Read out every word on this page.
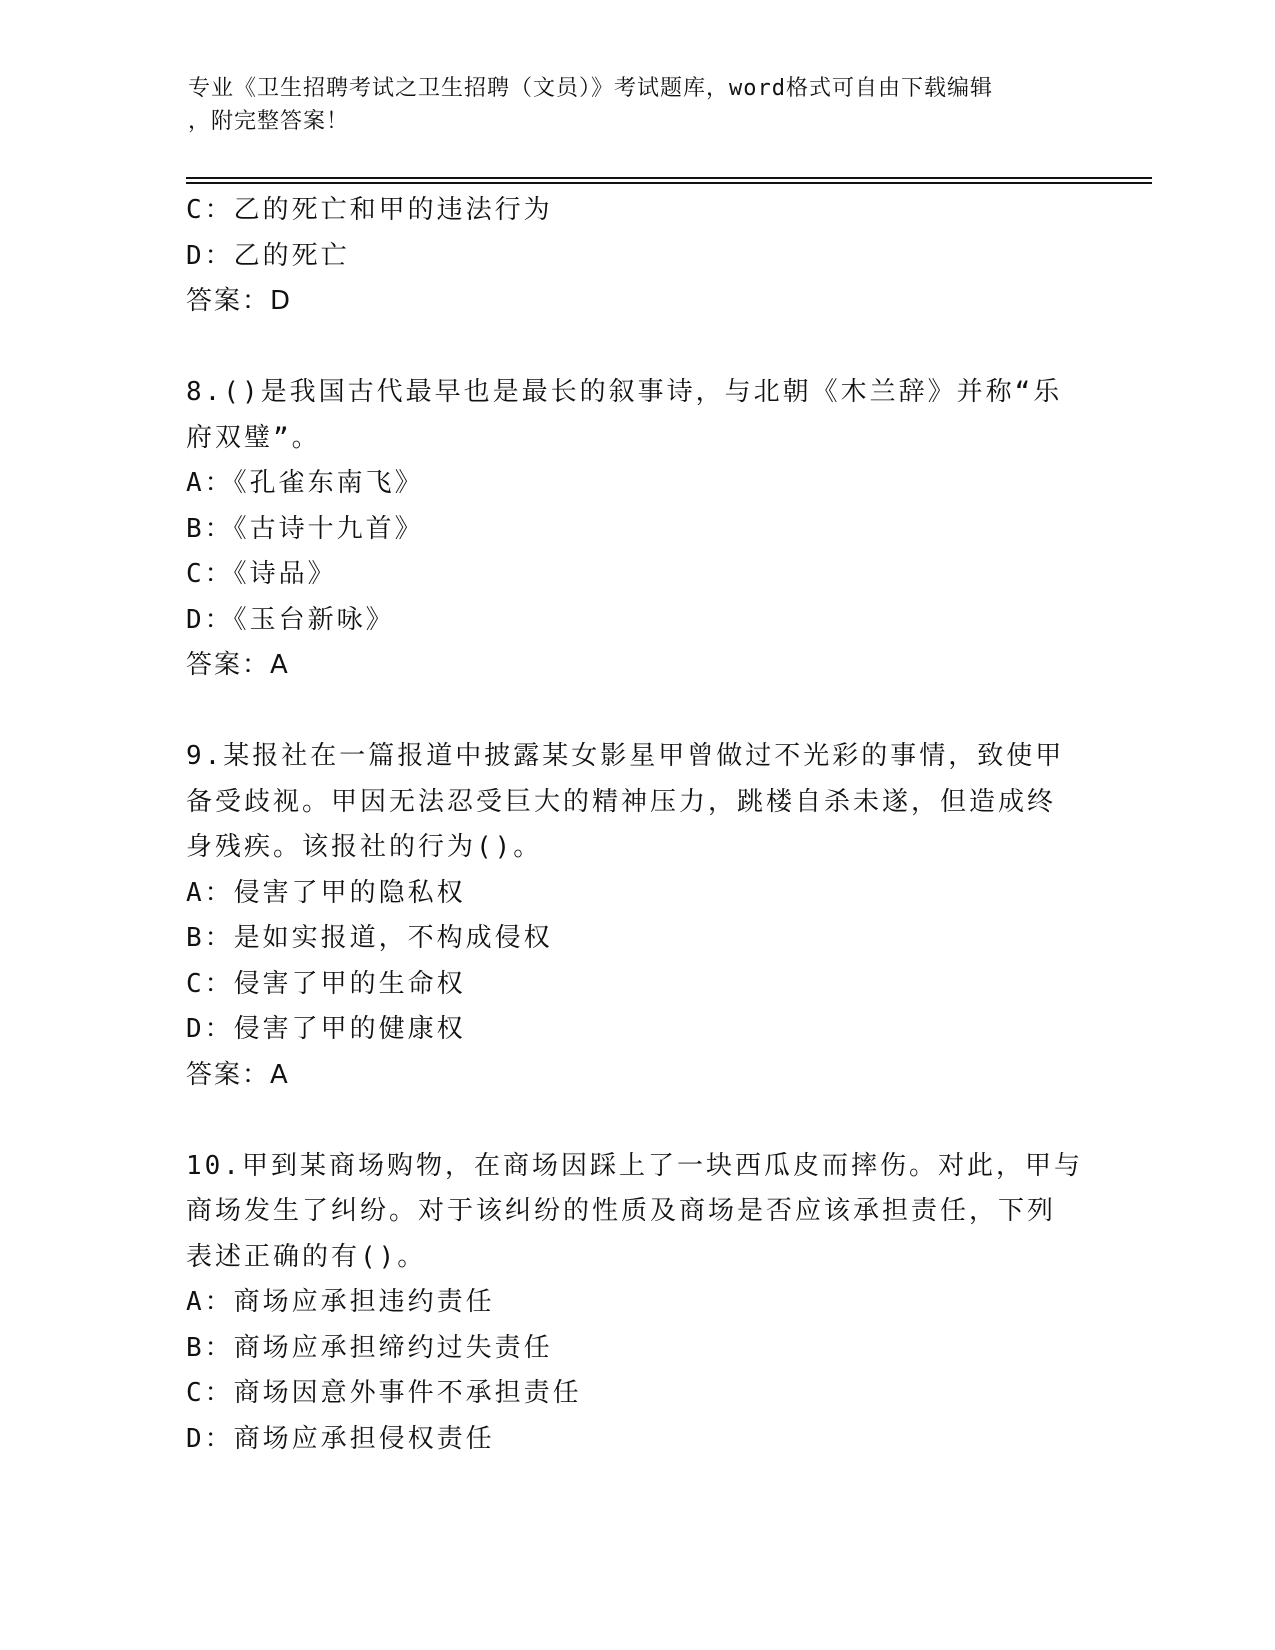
专业《卫生招聘考试之卫生招聘（文员）》考试题库，word格式可自由下载编辑
，附完整答案！
C：乙的死亡和甲的违法行为
D：乙的死亡
答案：D
8.()是我国古代最早也是最长的叙事诗，与北朝《木兰辞》并称“乐
府双璧”。
A：《孔雀东南飞》
B：《古诗十九首》
C：《诗品》
D：《玉台新咏》
答案：A
9.某报社在一篇报道中披露某女影星甲曾做过不光彩的事情，致使甲
备受歧视。甲因无法忍受巨大的精神压力，跳楼自杀未遂，但造成终
身残疾。该报社的行为()。
A：侵害了甲的隐私权
B：是如实报道，不构成侵权
C：侵害了甲的生命权
D：侵害了甲的健康权
答案：A
10.甲到某商场购物，在商场因踩上了一块西瓜皮而摔伤。对此，甲与
商场发生了纠纷。对于该纠纷的性质及商场是否应该承担责任，下列
表述正确的有()。
A：商场应承担违约责任
B：商场应承担缔约过失责任
C：商场因意外事件不承担责任
D：商场应承担侵权责任
